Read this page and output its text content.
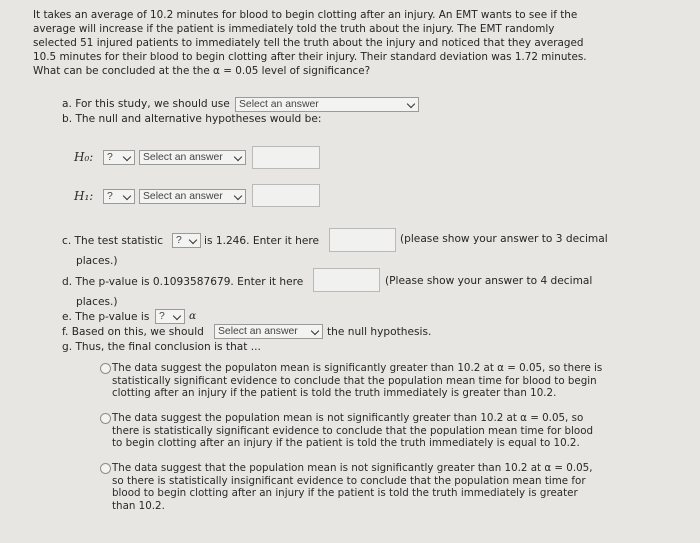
It takes an average of 10.2 minutes for blood to begin clotting after an injury. An EMT wants to see if the
average will increase if the patient is immediately told the truth about the injury. The EMT randomly
selected 51 injured patients to immediately tell the truth about the injury and noticed that they averaged
10.5 minutes for their blood to begin clotting after their injury. Their standard deviation was 1.72 minutes.
What can be concluded at the the α = 0.05 level of significance?
a. For this study, we should use Select an answer
b. The null and alternative hypotheses would be:
H₀:	?	Select an answer
H₁:	?	Select an answer
c. The test statistic	?	is 1.246. Enter it here	(please show your answer to 3 decimal
places.)
d. The p-value is 0.1093587679. Enter it here	(Please show your answer to 4 decimal
places.)
e. The p-value is ?	α
f. Based on this, we should	Select an answer	the null hypothesis.
g. Thus, the final conclusion is that ...
The data suggest the populaton mean is significantly greater than 10.2 at α = 0.05, so there is
statistically significant evidence to conclude that the population mean time for blood to begin
clotting after an injury if the patient is told the truth immediately is greater than 10.2.
The data suggest the population mean is not significantly greater than 10.2 at α = 0.05, so
there is statistically significant evidence to conclude that the population mean time for blood
to begin clotting after an injury if the patient is told the truth immediately is equal to 10.2.
The data suggest that the population mean is not significantly greater than 10.2 at α = 0.05,
so there is statistically insignificant evidence to conclude that the population mean time for
blood to begin clotting after an injury if the patient is told the truth immediately is greater
than 10.2.
